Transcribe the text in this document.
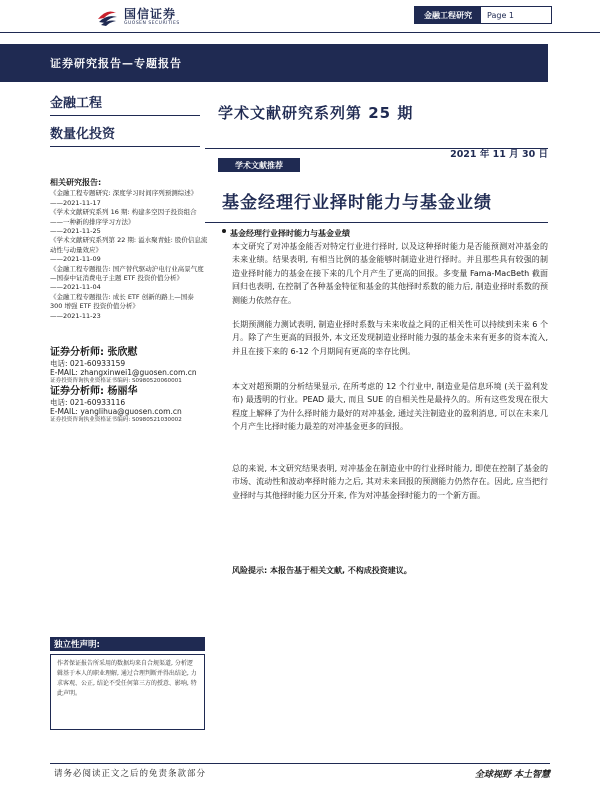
国信证券
GUOSEN SECURITIES
金融工程研究	Page 1
证券研究报告—专题报告
金融工程
数量化投资
学术文献研究系列第 25 期
2021 年 11 月 30 日
学术文献推荐
基金经理行业择时能力与基金业绩
相关研究报告:
《金融工程专题研究: 深度学习时间序列预测综述》
——2021-11-17
《学术文献研究系列 16 期: 构建多空因子投资组合——一种新的排序学习方法》
——2021-11-25
《学术文献研究系列第 22 期: 溢水聚青蛙: 股价信息流动性与动量效应》
——2021-11-09
《金融工程专题报告: 国产替代驱动沪电行业高景气度—国泰中证消费电子主题 ETF 投资价值分析》
——2021-11-04
《金融工程专题报告: 成长 ETF 创新的路上—国泰 300 增强 ETF 投资价值分析》
——2021-11-23
证券分析师: 张欣慰
电话: 021-60933159
E-MAIL: zhangxinwei1@guosen.com.cn
证券投资咨询执业资格证书编码: S0980520060001
证券分析师: 杨丽华
电话: 021-60933116
E-MAIL: yanglihua@guosen.com.cn
证券投资咨询执业资格证书编码: S0980521030002
独立性声明:
作者保证报告所采用的数据均来自合规渠道, 分析逻辑基于本人的职业理解, 通过合理判断并得出结论, 力求客观、公正, 结论不受任何第三方的授意、影响, 特此声明。
基金经理行业择时能力与基金业绩

本文研究了对冲基金能否对特定行业进行择时, 以及这种择时能力是否能预测对冲基金的未来业绩。结果表明, 有相当比例的基金能够时制造业进行择时。并且那些具有较强的制造业择时能力的基金在接下来的几个月产生了更高的回报。多变量 Fama-MacBeth 截面回归也表明, 在控制了各种基金特征和基金的其他择时系数的能力后, 制造业择时系数的预测能力依然存在。

长期预测能力测试表明, 制造业择时系数与未来收益之间的正相关性可以持续到未来 6 个月。除了产生更高的回报外, 本文还发现制造业择时能力强的基金未来有更多的资本流入, 并且在接下来的 6-12 个月期间有更高的幸存比例。

本文对超预期的分析结果显示, 在所考虑的 12 个行业中, 制造业是信息环境 (关于盈利发布) 最透明的行业。PEAD 最大, 而且 SUE 的自相关性是最持久的。所有这些发现在很大程度上解释了为什么择时能力最好的对冲基金, 通过关注制造业的盈利消息, 可以在未来几个月产生比择时能力最差的对冲基金更多的回报。

总的来说, 本文研究结果表明, 对冲基金在制造业中的行业择时能力, 即使在控制了基金的市场、流动性和波动率择时能力之后, 其对未来回报的预测能力仍然存在。因此, 应当把行业择时与其他择时能力区分开来, 作为对冲基金择时能力的一个新方面。

风险提示: 本报告基于相关文献, 不构成投资建议。
请务必阅读正文之后的免责条款部分	全球视野 本土智慧
